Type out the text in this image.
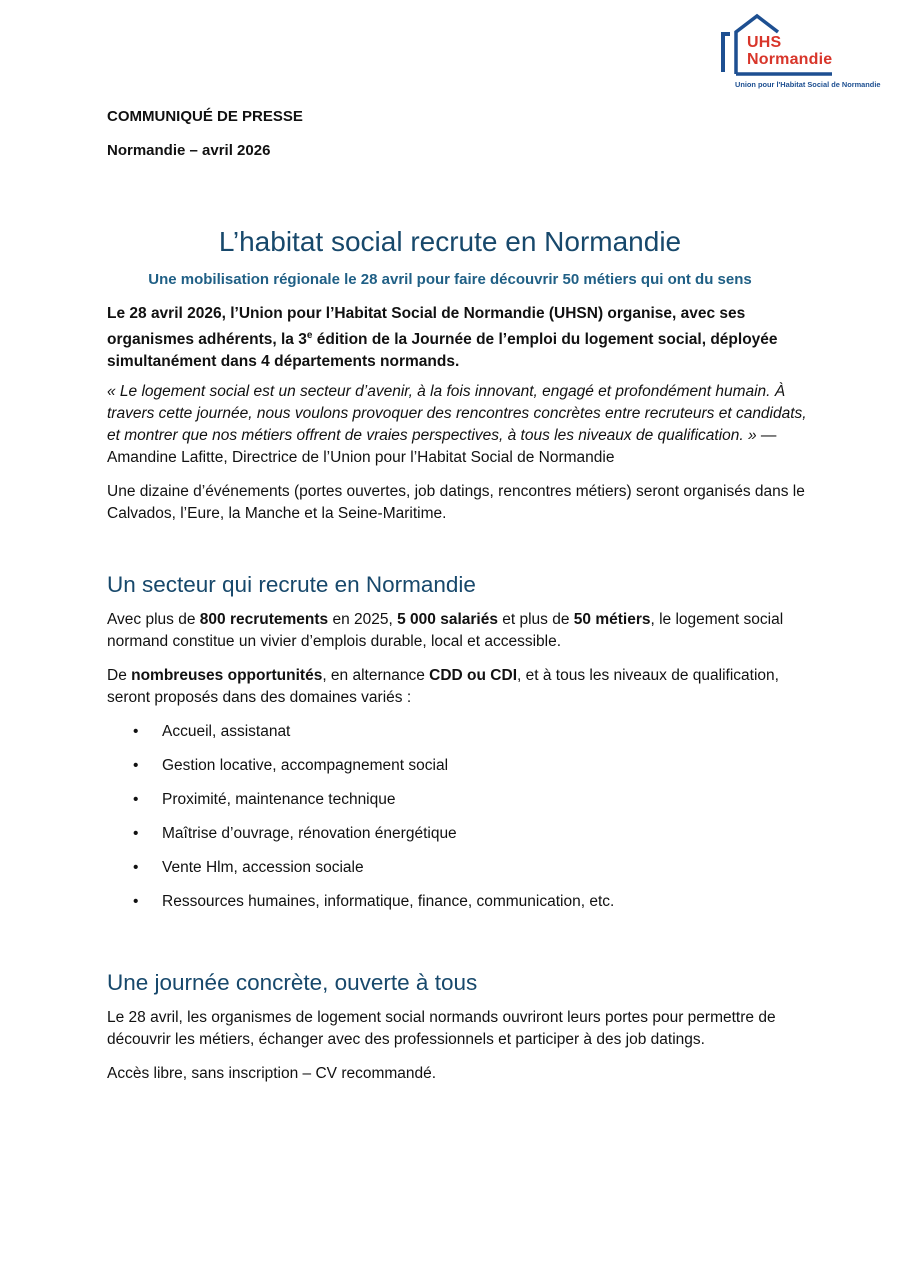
UHS
Normandie
Union pour l'Habitat Social de Normandie
COMMUNIQUÉ DE PRESSE
Normandie – avril 2026
L’habitat social recrute en Normandie
Une mobilisation régionale le 28 avril pour faire découvrir 50 métiers qui ont du sens
Le 28 avril 2026, l’Union pour l’Habitat Social de Normandie (UHSN) organise, avec ses organismes adhérents, la 3e édition de la Journée de l’emploi du logement social, déployée simultanément dans 4 départements normands.
« Le logement social est un secteur d’avenir, à la fois innovant, engagé et profondément humain. À travers cette journée, nous voulons provoquer des rencontres concrètes entre recruteurs et candidats, et montrer que nos métiers offrent de vraies perspectives, à tous les niveaux de qualification. » — Amandine Lafitte, Directrice de l’Union pour l’Habitat Social de Normandie
Une dizaine d’événements (portes ouvertes, job datings, rencontres métiers) seront organisés dans le Calvados, l’Eure, la Manche et la Seine-Maritime.
Un secteur qui recrute en Normandie
Avec plus de 800 recrutements en 2025, 5 000 salariés et plus de 50 métiers, le logement social normand constitue un vivier d’emplois durable, local et accessible.
De nombreuses opportunités, en alternance CDD ou CDI, et à tous les niveaux de qualification, seront proposés dans des domaines variés :
• Accueil, assistanat
• Gestion locative, accompagnement social
• Proximité, maintenance technique
• Maîtrise d’ouvrage, rénovation énergétique
• Vente Hlm, accession sociale
• Ressources humaines, informatique, finance, communication, etc.
Une journée concrète, ouverte à tous
Le 28 avril, les organismes de logement social normands ouvriront leurs portes pour permettre de découvrir les métiers, échanger avec des professionnels et participer à des job datings.
Accès libre, sans inscription – CV recommandé.
